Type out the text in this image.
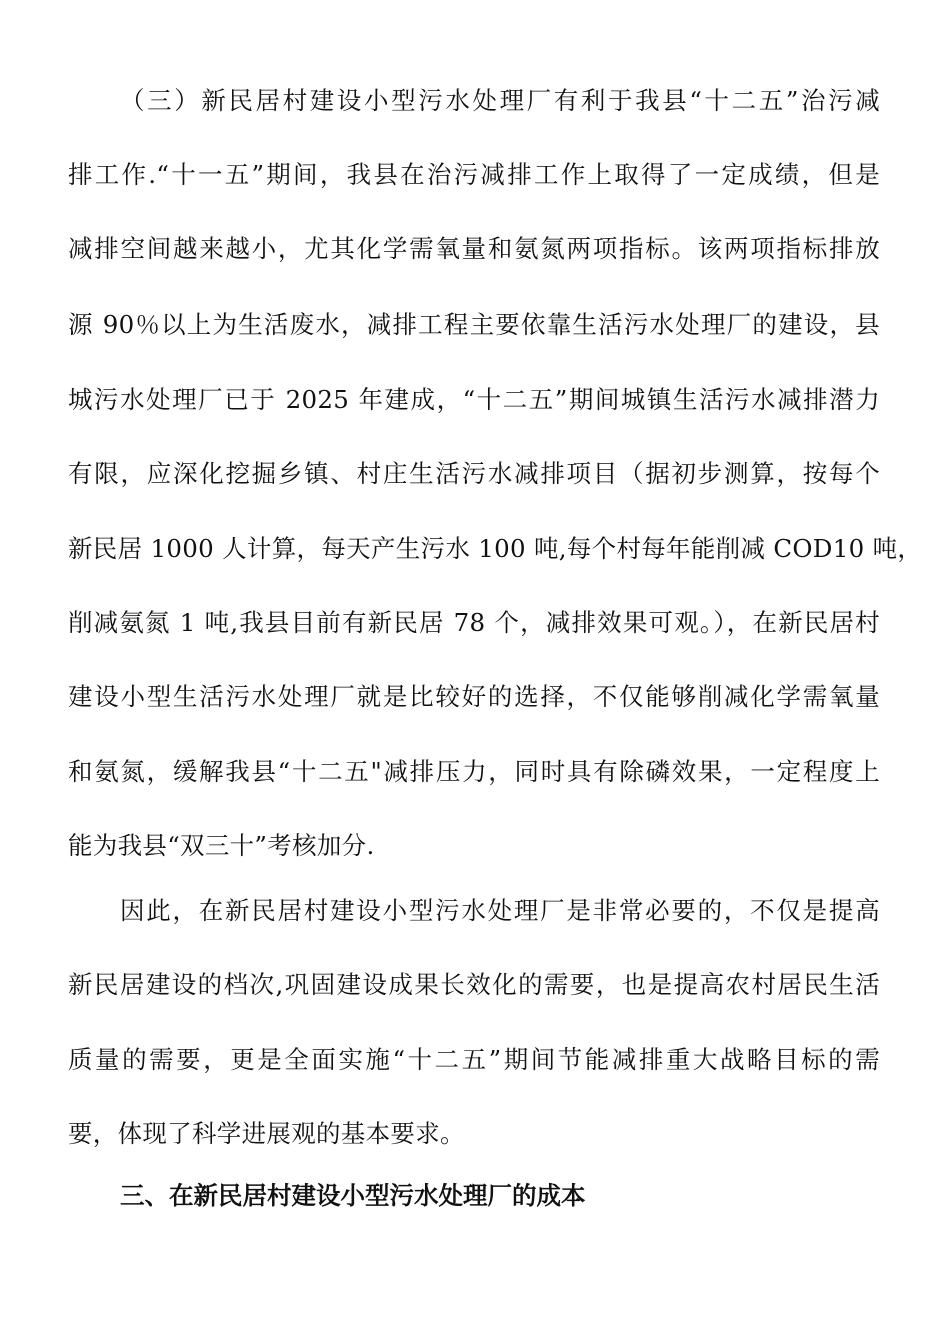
（三）新民居村建设小型污水处理厂有利于我县“十二五”治污减
排工作.“十一五”期间，我县在治污减排工作上取得了一定成绩，但是
减排空间越来越小，尤其化学需氧量和氨氮两项指标。该两项指标排放
源 90％以上为生活废水，减排工程主要依靠生活污水处理厂的建设，县
城污水处理厂已于 2025 年建成，“十二五”期间城镇生活污水减排潜力
有限，应深化挖掘乡镇、村庄生活污水减排项目（据初步测算，按每个
新民居 1000 人计算，每天产生污水 100 吨,每个村每年能削减 COD10 吨，
削减氨氮 1 吨,我县目前有新民居 78 个，减排效果可观。），在新民居村
建设小型生活污水处理厂就是比较好的选择，不仅能够削减化学需氧量
和氨氮，缓解我县“十二五"减排压力，同时具有除磷效果，一定程度上
能为我县“双三十”考核加分.
因此，在新民居村建设小型污水处理厂是非常必要的，不仅是提高
新民居建设的档次,巩固建设成果长效化的需要，也是提高农村居民生活
质量的需要，更是全面实施“十二五”期间节能减排重大战略目标的需
要，体现了科学进展观的基本要求。
三、在新民居村建设小型污水处理厂的成本
